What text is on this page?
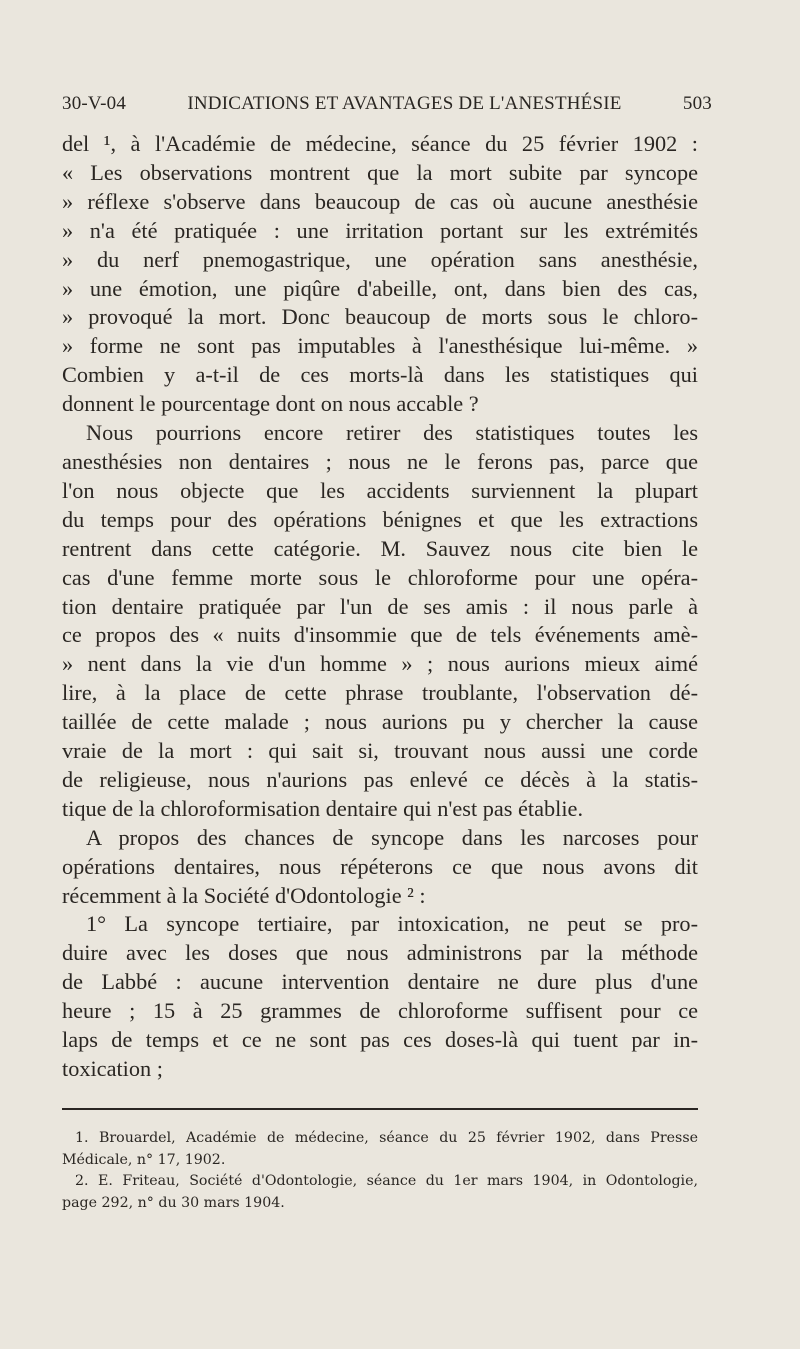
30-V-04	INDICATIONS ET AVANTAGES DE L'ANESTHÉSIE	503
del ¹, à l'Académie de médecine, séance du 25 février 1902 :
« Les observations montrent que la mort subite par syncope
» réflexe s'observe dans beaucoup de cas où aucune anesthésie
» n'a été pratiquée : une irritation portant sur les extrémités
» du nerf pnemogastrique, une opération sans anesthésie,
» une émotion, une piqûre d'abeille, ont, dans bien des cas,
» provoqué la mort. Donc beaucoup de morts sous le chloro-
» forme ne sont pas imputables à l'anesthésique lui-même. »
Combien y a-t-il de ces morts-là dans les statistiques qui
donnent le pourcentage dont on nous accable ?
Nous pourrions encore retirer des statistiques toutes les
anesthésies non dentaires ; nous ne le ferons pas, parce que
l'on nous objecte que les accidents surviennent la plupart
du temps pour des opérations bénignes et que les extractions
rentrent dans cette catégorie. M. Sauvez nous cite bien le
cas d'une femme morte sous le chloroforme pour une opéra-
tion dentaire pratiquée par l'un de ses amis : il nous parle à
ce propos des « nuits d'insommie que de tels événements amè-
» nent dans la vie d'un homme » ; nous aurions mieux aimé
lire, à la place de cette phrase troublante, l'observation dé-
taillée de cette malade ; nous aurions pu y chercher la cause
vraie de la mort : qui sait si, trouvant nous aussi une corde
de religieuse, nous n'aurions pas enlevé ce décès à la statis-
tique de la chloroformisation dentaire qui n'est pas établie.
A propos des chances de syncope dans les narcoses pour
opérations dentaires, nous répéterons ce que nous avons dit
récemment à la Société d'Odontologie ² :
1° La syncope tertiaire, par intoxication, ne peut se pro-
duire avec les doses que nous administrons par la méthode
de Labbé : aucune intervention dentaire ne dure plus d'une
heure ; 15 à 25 grammes de chloroforme suffisent pour ce
laps de temps et ce ne sont pas ces doses-là qui tuent par in-
toxication ;
1. Brouardel, Académie de médecine, séance du 25 février 1902, dans Presse
Médicale, n° 17, 1902.
2. E. Friteau, Société d'Odontologie, séance du 1er mars 1904, in Odontologie,
page 292, n° du 30 mars 1904.
